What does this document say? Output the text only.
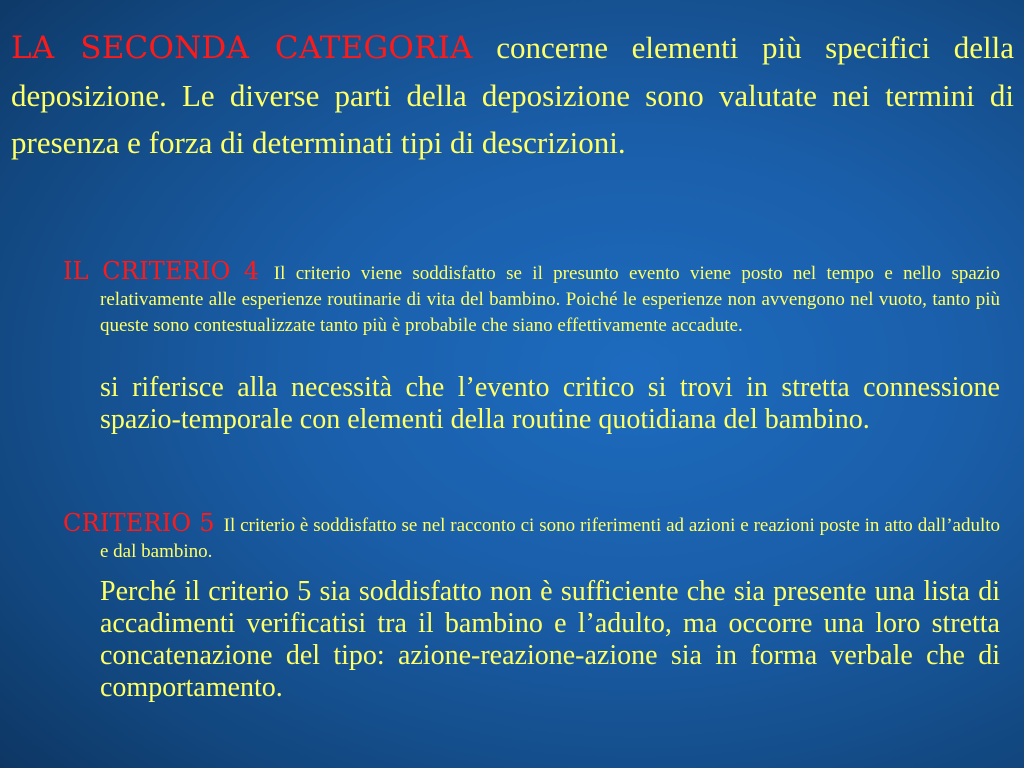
LA SECONDA CATEGORIA concerne elementi più specifici della deposizione. Le diverse parti della deposizione sono valutate nei termini di presenza e forza di determinati tipi di descrizioni.

IL CRITERIO 4 Il criterio viene soddisfatto se il presunto evento viene posto nel tempo e nello spazio relativamente alle esperienze routinarie di vita del bambino. Poiché le esperienze non avvengono nel vuoto, tanto più queste sono contestualizzate tanto più è probabile che siano effettivamente accadute.

si riferisce alla necessità che l’evento critico si trovi in stretta connessione spazio-temporale con elementi della routine quotidiana del bambino.

CRITERIO 5 Il criterio è soddisfatto se nel racconto ci sono riferimenti ad azioni e reazioni poste in atto dall’adulto e dal bambino.

Perché il criterio 5 sia soddisfatto non è sufficiente che sia presente una lista di accadimenti verificatisi tra il bambino e l’adulto, ma occorre una loro stretta concatenazione del tipo: azione-reazione-azione sia in forma verbale che di comportamento.
